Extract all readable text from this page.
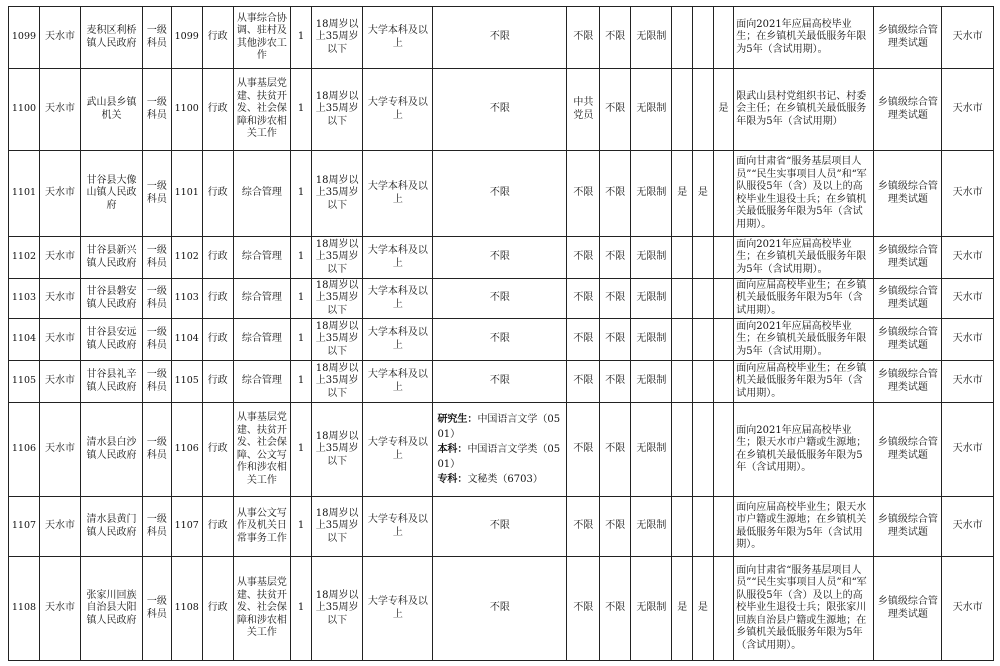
1099	天水市	麦积区利桥镇人民政府	一级科员	1099	行政	从事综合协调、驻村及其他涉农工作	1	18周岁以上35周岁以下	大学本科及以上	不限	不限	不限	无限制				面向2021年应届高校毕业生；在乡镇机关最低服务年限为5年（含试用期）。	乡镇级综合管理类试题	天水市
1100	天水市	武山县乡镇机关	一级科员	1100	行政	从事基层党建、扶贫开发、社会保障和涉农相关工作	1	18周岁以上35周岁以下	大学专科及以上	不限	中共党员	不限	无限制			是	限武山县村党组织书记、村委会主任；在乡镇机关最低服务年限为5年（含试用期）	乡镇级综合管理类试题	天水市
1101	天水市	甘谷县大像山镇人民政府	一级科员	1101	行政	综合管理	1	18周岁以上35周岁以下	大学本科及以上	不限	不限	不限	无限制	是	是		面向甘肃省“服务基层项目人员”“民生实事项目人员”和“军队服役5年（含）及以上的高校毕业生退役士兵；在乡镇机关最低服务年限为5年（含试用期）。	乡镇级综合管理类试题	天水市
1102	天水市	甘谷县新兴镇人民政府	一级科员	1102	行政	综合管理	1	18周岁以上35周岁以下	大学本科及以上	不限	不限	不限	无限制				面向2021年应届高校毕业生；在乡镇机关最低服务年限为5年（含试用期）。	乡镇级综合管理类试题	天水市
1103	天水市	甘谷县磐安镇人民政府	一级科员	1103	行政	综合管理	1	18周岁以上35周岁以下	大学本科及以上	不限	不限	不限	无限制				面向应届高校毕业生；在乡镇机关最低服务年限为5年（含试用期）。	乡镇级综合管理类试题	天水市
1104	天水市	甘谷县安远镇人民政府	一级科员	1104	行政	综合管理	1	18周岁以上35周岁以下	大学本科及以上	不限	不限	不限	无限制				面向2021年应届高校毕业生；在乡镇机关最低服务年限为5年（含试用期）。	乡镇级综合管理类试题	天水市
1105	天水市	甘谷县礼辛镇人民政府	一级科员	1105	行政	综合管理	1	18周岁以上35周岁以下	大学本科及以上	不限	不限	不限	无限制				面向应届高校毕业生；在乡镇机关最低服务年限为5年（含试用期）。	乡镇级综合管理类试题	天水市
1106	天水市	清水县白沙镇人民政府	一级科员	1106	行政	从事基层党建、扶贫开发、社会保障、公文写作和涉农相关工作	1	18周岁以上35周岁以下	大学专科及以上	研究生：中国语言文学（0501）
本科：中国语言文学类（0501）
专科：文秘类（6703）	不限	不限	无限制				面向2021年应届高校毕业生；限天水市户籍或生源地；在乡镇机关最低服务年限为5年（含试用期）。	乡镇级综合管理类试题	天水市
1107	天水市	清水县黄门镇人民政府	一级科员	1107	行政	从事公文写作及机关日常事务工作	1	18周岁以上35周岁以下	大学专科及以上	不限	不限	不限	无限制				面向应届高校毕业生；限天水市户籍或生源地；在乡镇机关最低服务年限为5年（含试用期）。	乡镇级综合管理类试题	天水市
1108	天水市	张家川回族自治县大阳镇人民政府	一级科员	1108	行政	从事基层党建、扶贫开发、社会保障和涉农相关工作	1	18周岁以上35周岁以下	大学专科及以上	不限	不限	不限	无限制	是	是		面向甘肃省“服务基层项目人员”“民生实事项目人员”和“军队服役5年（含）及以上的高校毕业生退役士兵；限张家川回族自治县户籍或生源地；在乡镇机关最低服务年限为5年（含试用期）。	乡镇级综合管理类试题	天水市
